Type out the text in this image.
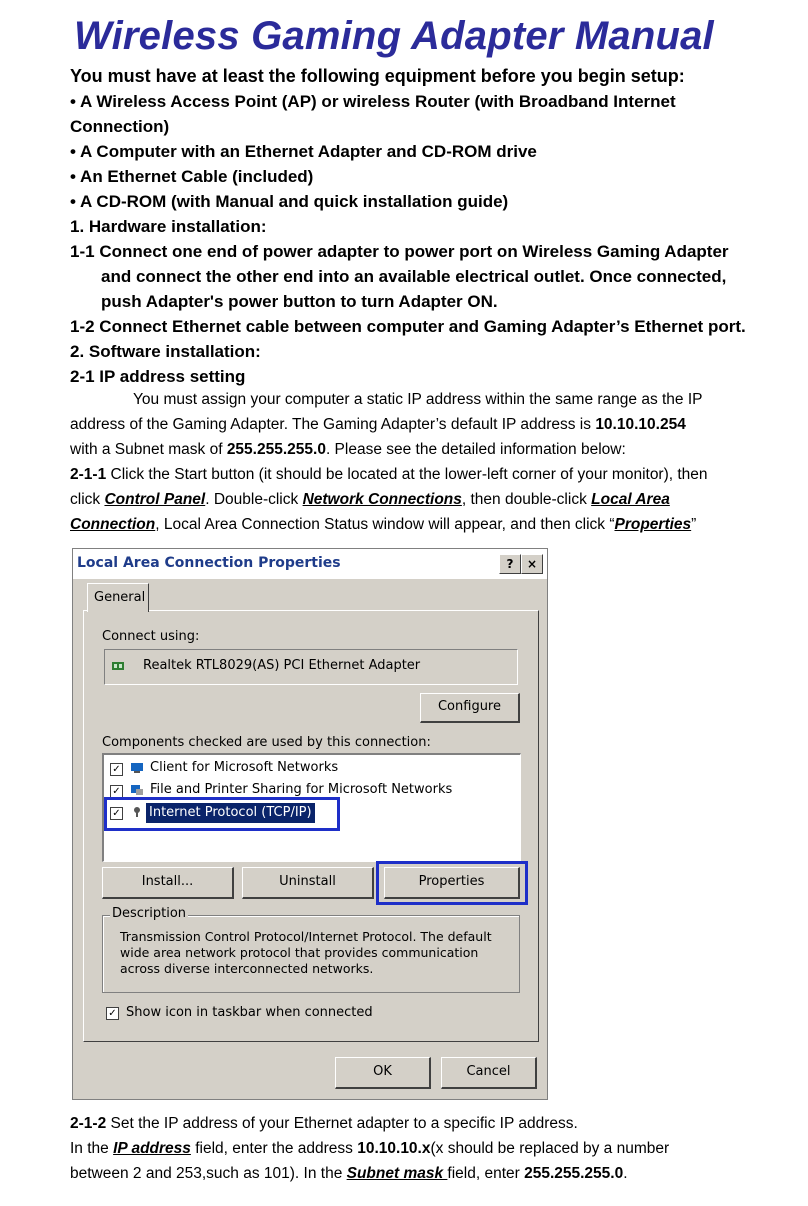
Wireless Gaming Adapter Manual
You must have at least the following equipment before you begin setup:
• A Wireless Access Point (AP) or wireless Router (with Broadband Internet
Connection)
• A Computer with an Ethernet Adapter and CD-ROM drive
• An Ethernet Cable (included)
• A CD-ROM (with Manual and quick installation guide)
1. Hardware installation:
1-1 Connect one end of power adapter to power port on Wireless Gaming Adapter
and connect the other end into an available electrical outlet. Once connected,
push Adapter's power button to turn Adapter ON.
1-2 Connect Ethernet cable between computer and Gaming Adapter’s Ethernet port.
2. Software installation:
2-1 IP address setting
You must assign your computer a static IP address within the same range as the IP
address of the Gaming Adapter. The Gaming Adapter’s default IP address is 10.10.10.254
with a Subnet mask of 255.255.255.0. Please see the detailed information below:
2-1-1 Click the Start button (it should be located at the lower-left corner of your monitor), then
click Control Panel. Double-click Network Connections, then double-click Local Area
Connection, Local Area Connection Status window will appear, and then click “Properties”
Local Area Connection Properties	?	×
General
Connect using:
Realtek RTL8029(AS) PCI Ethernet Adapter
Configure
Components checked are used by this connection:
✓ Client for Microsoft Networks
✓ File and Printer Sharing for Microsoft Networks
✓ Internet Protocol (TCP/IP)
Install...	Uninstall	Properties
Description
Transmission Control Protocol/Internet Protocol. The default
wide area network protocol that provides communication
across diverse interconnected networks.
✓ Show icon in taskbar when connected
OK	Cancel
2-1-2 Set the IP address of your Ethernet adapter to a specific IP address.
In the IP address field, enter the address 10.10.10.x(x should be replaced by a number
between 2 and 253,such as 101). In the Subnet mask field, enter 255.255.255.0.
